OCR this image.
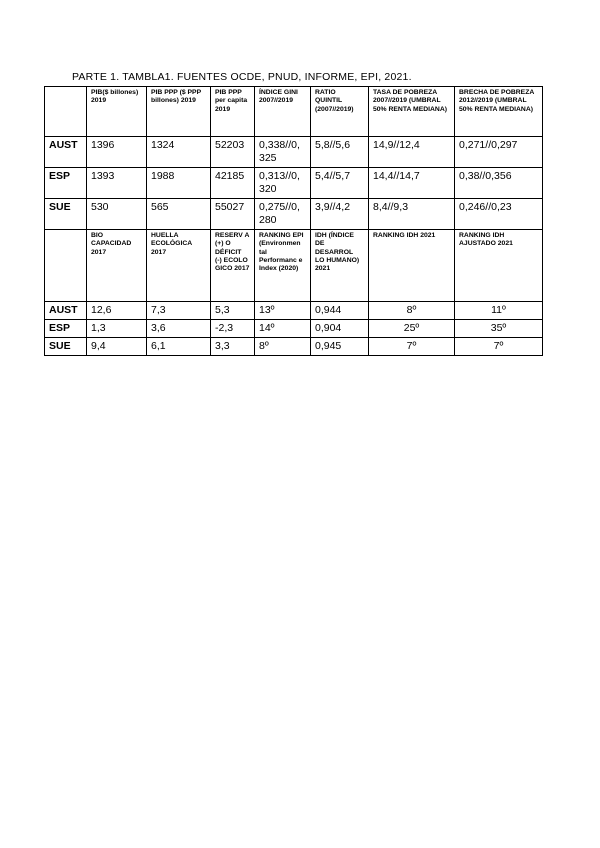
PARTE 1. TAMBLA1. FUENTES OCDE, PNUD, INFORME, EPI, 2021.
	PIB($ billones) 2019	PIB PPP ($ PPP billones) 2019	PIB PPP per capita 2019	ÍNDICE GINI 2007//2019	RATIO QUINTIL (2007//2019)	TASA DE POBREZA 2007//2019 (UMBRAL 50% RENTA MEDIANA)	BRECHA DE POBREZA 2012//2019 (UMBRAL 50% RENTA MEDIANA)
AUST	1396	1324	52203	0,338//0, 325	5,8//5,6	14,9//12,4	0,271//0,297
ESP	1393	1988	42185	0,313//0, 320	5,4//5,7	14,4//14,7	0,38//0,356
SUE	530	565	55027	0,275//0, 280	3,9//4,2	8,4//9,3	0,246//0,23
	BIO CAPACIDAD 2017	HUELLA ECOLÓGICA 2017	RESERV A (+) O DÉFICIT (-) ECOLO GICO 2017	RANKING EPI (Environmen tal Performanc e Index (2020)	IDH (ÍNDICE DE DESARROL LO HUMANO) 2021	RANKING IDH 2021	RANKING IDH AJUSTADO 2021
AUST	12,6	7,3	5,3	13º	0,944	8º	11º
ESP	1,3	3,6	-2,3	14º	0,904	25º	35º
SUE	9,4	6,1	3,3	8º	0,945	7º	7º
